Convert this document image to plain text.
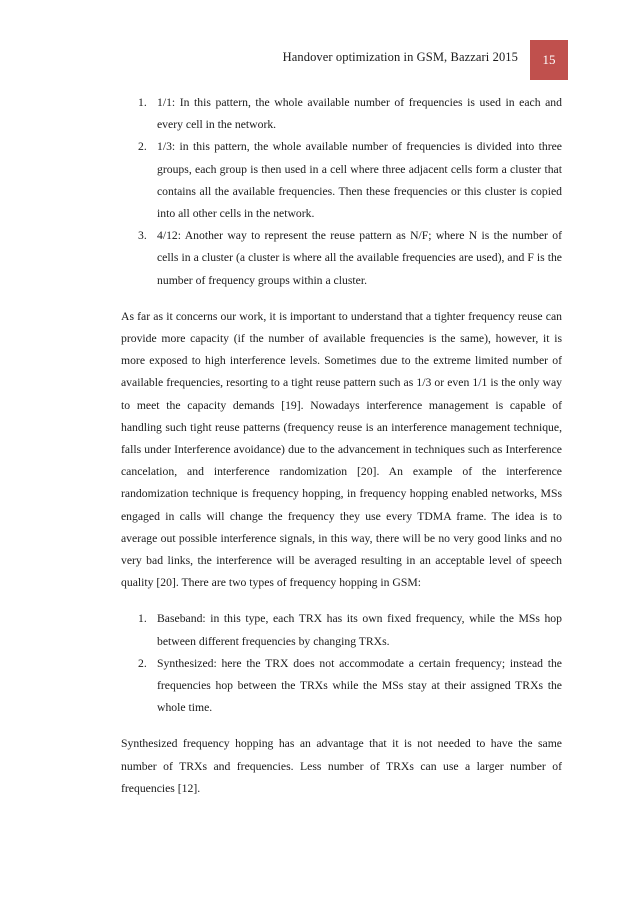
Handover optimization in GSM, Bazzari 2015	15
1. 1/1: In this pattern, the whole available number of frequencies is used in each and every cell in the network.
2. 1/3: in this pattern, the whole available number of frequencies is divided into three groups, each group is then used in a cell where three adjacent cells form a cluster that contains all the available frequencies. Then these frequencies or this cluster is copied into all other cells in the network.
3. 4/12: Another way to represent the reuse pattern as N/F; where N is the number of cells in a cluster (a cluster is where all the available frequencies are used), and F is the number of frequency groups within a cluster.

As far as it concerns our work, it is important to understand that a tighter frequency reuse can provide more capacity (if the number of available frequencies is the same), however, it is more exposed to high interference levels. Sometimes due to the extreme limited number of available frequencies, resorting to a tight reuse pattern such as 1/3 or even 1/1 is the only way to meet the capacity demands [19]. Nowadays interference management is capable of handling such tight reuse patterns (frequency reuse is an interference management technique, falls under Interference avoidance) due to the advancement in techniques such as Interference cancelation, and interference randomization [20]. An example of the interference randomization technique is frequency hopping, in frequency hopping enabled networks, MSs engaged in calls will change the frequency they use every TDMA frame. The idea is to average out possible interference signals, in this way, there will be no very good links and no very bad links, the interference will be averaged resulting in an acceptable level of speech quality [20]. There are two types of frequency hopping in GSM:

1. Baseband: in this type, each TRX has its own fixed frequency, while the MSs hop between different frequencies by changing TRXs.
2. Synthesized: here the TRX does not accommodate a certain frequency; instead the frequencies hop between the TRXs while the MSs stay at their assigned TRXs the whole time.

Synthesized frequency hopping has an advantage that it is not needed to have the same number of TRXs and frequencies. Less number of TRXs can use a larger number of frequencies [12].
